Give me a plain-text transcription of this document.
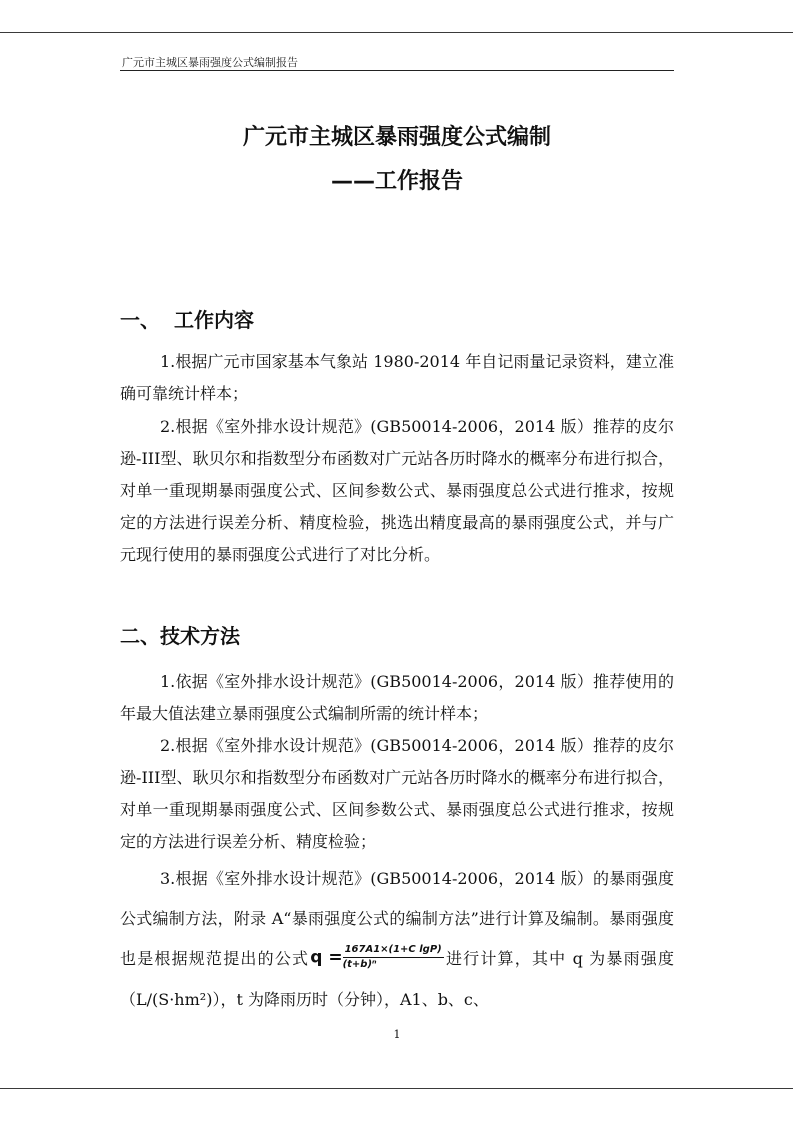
广元市主城区暴雨强度公式编制报告
广元市主城区暴雨强度公式编制
——工作报告
一、 工作内容
1.根据广元市国家基本气象站 1980-2014 年自记雨量记录资料，建立准确可靠统计样本；
2.根据《室外排水设计规范》(GB50014-2006，2014 版）推荐的皮尔逊-III型、耿贝尔和指数型分布函数对广元站各历时降水的概率分布进行拟合，对单一重现期暴雨强度公式、区间参数公式、暴雨强度总公式进行推求，按规定的方法进行误差分析、精度检验，挑选出精度最高的暴雨强度公式，并与广元现行使用的暴雨强度公式进行了对比分析。
二、技术方法
1.依据《室外排水设计规范》(GB50014-2006，2014 版）推荐使用的年最大值法建立暴雨强度公式编制所需的统计样本；
2.根据《室外排水设计规范》(GB50014-2006，2014 版）推荐的皮尔逊-III型、耿贝尔和指数型分布函数对广元站各历时降水的概率分布进行拟合，对单一重现期暴雨强度公式、区间参数公式、暴雨强度总公式进行推求，按规定的方法进行误差分析、精度检验；
3.根据《室外排水设计规范》(GB50014-2006，2014 版）的暴雨强度公式编制方法，附录 A“暴雨强度公式的编制方法”进行计算及编制。暴雨强度也是根据规范提出的公式$q = \frac{\text{167A1×(1+C lgP)}}{\text{(t+b)ⁿ}}$ 进行计算，其中 q 为暴雨强度（L/(S·hm²)），t 为降雨历时（分钟），A1、b、c、
1
